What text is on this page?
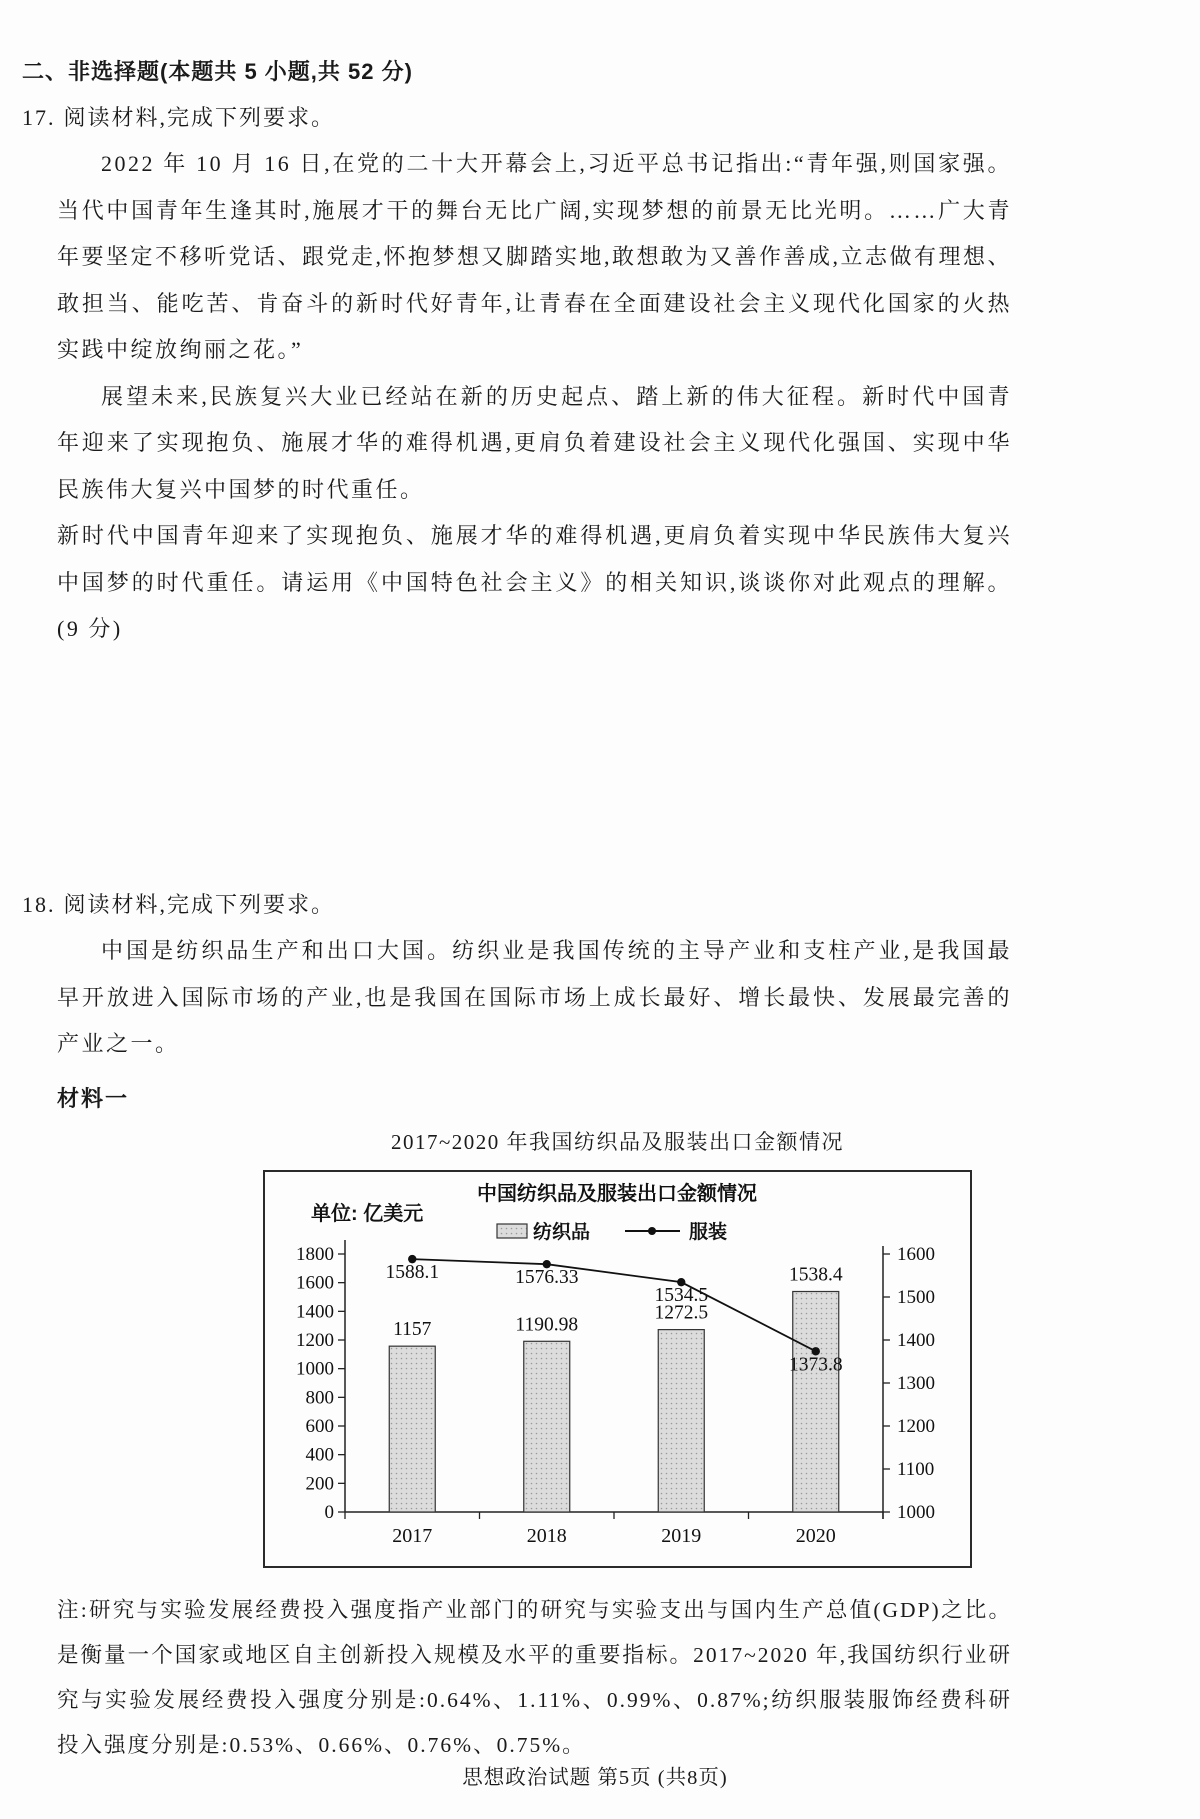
二、非选择题(本题共 5 小题,共 52 分)
17. 阅读材料,完成下列要求。

2022 年 10 月 16 日,在党的二十大开幕会上,习近平总书记指出:“青年强,则国家强。当代中国青年生逢其时,施展才干的舞台无比广阔,实现梦想的前景无比光明。……广大青年要坚定不移听党话、跟党走,怀抱梦想又脚踏实地,敢想敢为又善作善成,立志做有理想、敢担当、能吃苦、肯奋斗的新时代好青年,让青春在全面建设社会主义现代化国家的火热实践中绽放绚丽之花。”

展望未来,民族复兴大业已经站在新的历史起点、踏上新的伟大征程。新时代中国青年迎来了实现抱负、施展才华的难得机遇,更肩负着建设社会主义现代化强国、实现中华民族伟大复兴中国梦的时代重任。

新时代中国青年迎来了实现抱负、施展才华的难得机遇,更肩负着实现中华民族伟大复兴中国梦的时代重任。请运用《中国特色社会主义》的相关知识,谈谈你对此观点的理解。(9 分)

18. 阅读材料,完成下列要求。

中国是纺织品生产和出口大国。纺织业是我国传统的主导产业和支柱产业,是我国最早开放进入国际市场的产业,也是我国在国际市场上成长最好、增长最快、发展最完善的产业之一。

材料一
2017~2020 年我国纺织品及服装出口金额情况
中国纺织品及服装出口金额情况
单位: 亿美元
纺织品	服装
1800
1600
1400
1200
1000
800
600
400
200
0
2017	2018	2019	2020
1600
1500
1400
1300
1200
1100
1000
1157	1190.98
1272.5
1538.4
1588.1	1576.33
1534.5
1373.8

注:研究与实验发展经费投入强度指产业部门的研究与实验支出与国内生产总值(GDP)之比。是衡量一个国家或地区自主创新投入规模及水平的重要指标。2017~2020 年,我国纺织行业研究与实验发展经费投入强度分别是:0.64%、1.11%、0.99%、0.87%;纺织服装服饰经费科研投入强度分别是:0.53%、0.66%、0.76%、0.75%。

思想政治试题 第5页 (共8页)
